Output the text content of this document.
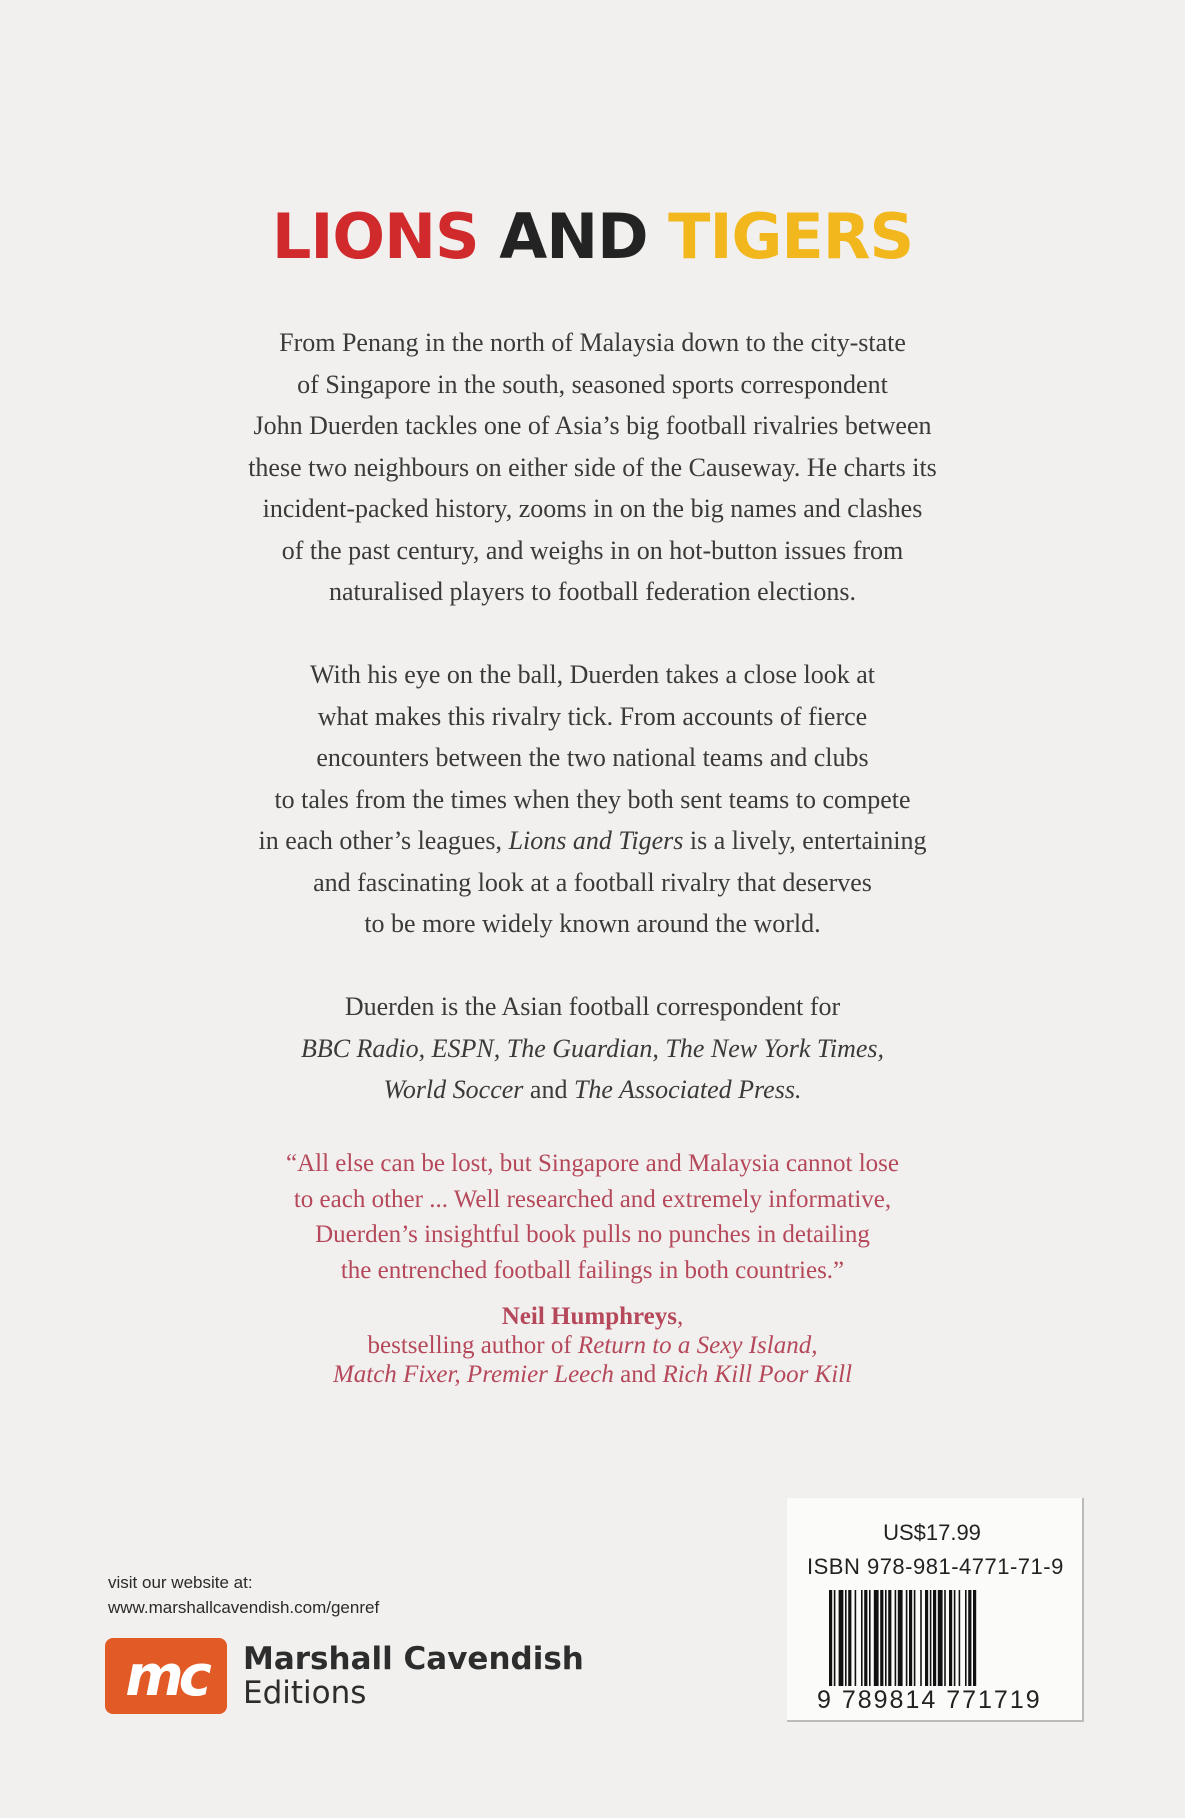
LIONS AND TIGERS
From Penang in the north of Malaysia down to the city-state
of Singapore in the south, seasoned sports correspondent
John Duerden tackles one of Asia’s big football rivalries between
these two neighbours on either side of the Causeway. He charts its
incident-packed history, zooms in on the big names and clashes
of the past century, and weighs in on hot-button issues from
naturalised players to football federation elections.
With his eye on the ball, Duerden takes a close look at
what makes this rivalry tick. From accounts of fierce
encounters between the two national teams and clubs
to tales from the times when they both sent teams to compete
in each other’s leagues, Lions and Tigers is a lively, entertaining
and fascinating look at a football rivalry that deserves
to be more widely known around the world.
Duerden is the Asian football correspondent for
BBC Radio, ESPN, The Guardian, The New York Times,
World Soccer and The Associated Press.
“All else can be lost, but Singapore and Malaysia cannot lose
to each other ... Well researched and extremely informative,
Duerden’s insightful book pulls no punches in detailing
the entrenched football failings in both countries.”
Neil Humphreys,
bestselling author of Return to a Sexy Island,
Match Fixer, Premier Leech and Rich Kill Poor Kill
visit our website at:
www.marshallcavendish.com/genref
mc	Marshall Cavendish
Editions
US$17.99
ISBN 978-981-4771-71-9
9 789814 771719
